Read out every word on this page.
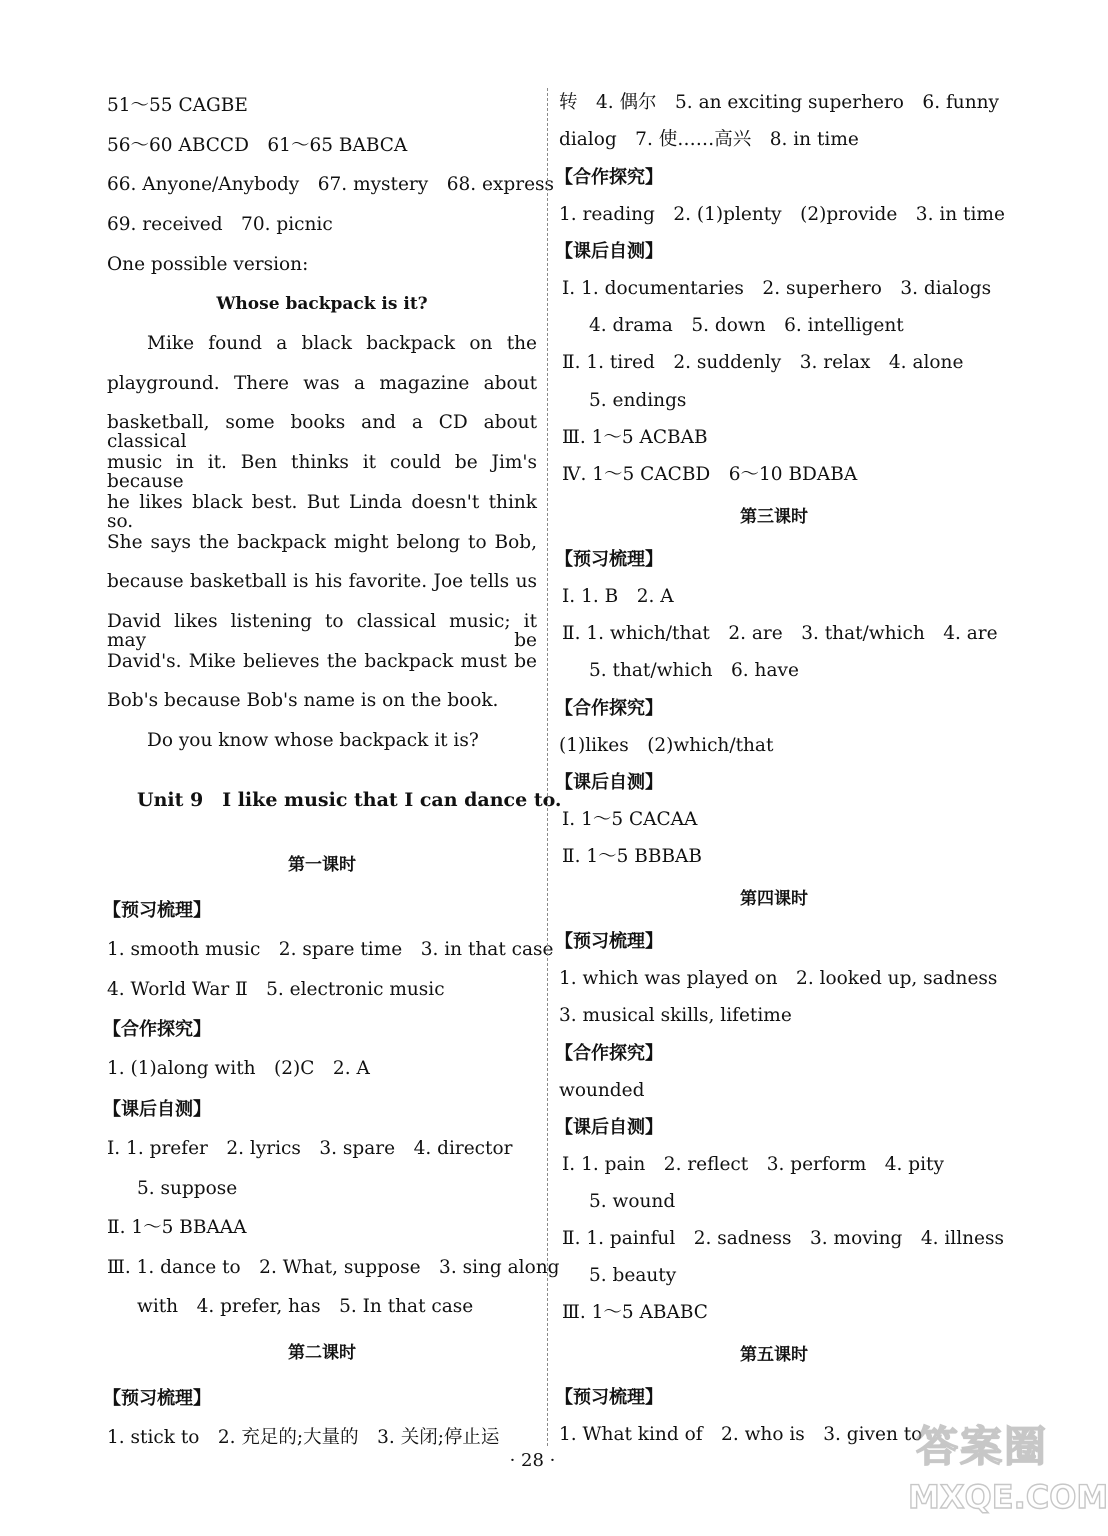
51～55 CAGBE
56～60 ABCCD　61～65 BABCA
66. Anyone/Anybody　67. mystery　68. express
69. received　70. picnic
One possible version:
Whose backpack is it?
Mike found a black backpack on the
playground. There was a magazine about
basketball, some books and a CD about classical
music in it. Ben thinks it could be Jim's because
he likes black best. But Linda doesn't think so.
She says the backpack might belong to Bob,
because basketball is his favorite. Joe tells us
David likes listening to classical music; it may be
David's. Mike believes the backpack must be
Bob's because Bob's name is on the book.
Do you know whose backpack it is?
Unit 9　I like music that I can dance to.
第一课时
【预习梳理】
1. smooth music　2. spare time　3. in that case
4. World War Ⅱ　5. electronic music
【合作探究】
1. (1)along with　(2)C　2. A
【课后自测】
Ⅰ. 1. prefer　2. lyrics　3. spare　4. director
5. suppose
Ⅱ. 1～5 BBAAA
Ⅲ. 1. dance to　2. What, suppose　3. sing along
with　4. prefer, has　5. In that case
第二课时
【预习梳理】
1. stick to　2. 充足的;大量的　3. 关闭;停止运
转　4. 偶尔　5. an exciting superhero　6. funny
dialog　7. 使……高兴　8. in time
【合作探究】
1. reading　2. (1)plenty　(2)provide　3. in time
【课后自测】
Ⅰ. 1. documentaries　2. superhero　3. dialogs
4. drama　5. down　6. intelligent
Ⅱ. 1. tired　2. suddenly　3. relax　4. alone
5. endings
Ⅲ. 1～5 ACBAB
Ⅳ. 1～5 CACBD　6～10 BDABA
第三课时
【预习梳理】
Ⅰ. 1. B　2. A
Ⅱ. 1. which/that　2. are　3. that/which　4. are
5. that/which　6. have
【合作探究】
(1)likes　(2)which/that
【课后自测】
Ⅰ. 1～5 CACAA
Ⅱ. 1～5 BBBAB
第四课时
【预习梳理】
1. which was played on　2. looked up, sadness
3. musical skills, lifetime
【合作探究】
wounded
【课后自测】
Ⅰ. 1. pain　2. reflect　3. perform　4. pity
5. wound
Ⅱ. 1. painful　2. sadness　3. moving　4. illness
5. beauty
Ⅲ. 1～5 ABABC
第五课时
【预习梳理】
1. What kind of　2. who is　3. given to
· 28 ·	答案圈
MXQE.COM
